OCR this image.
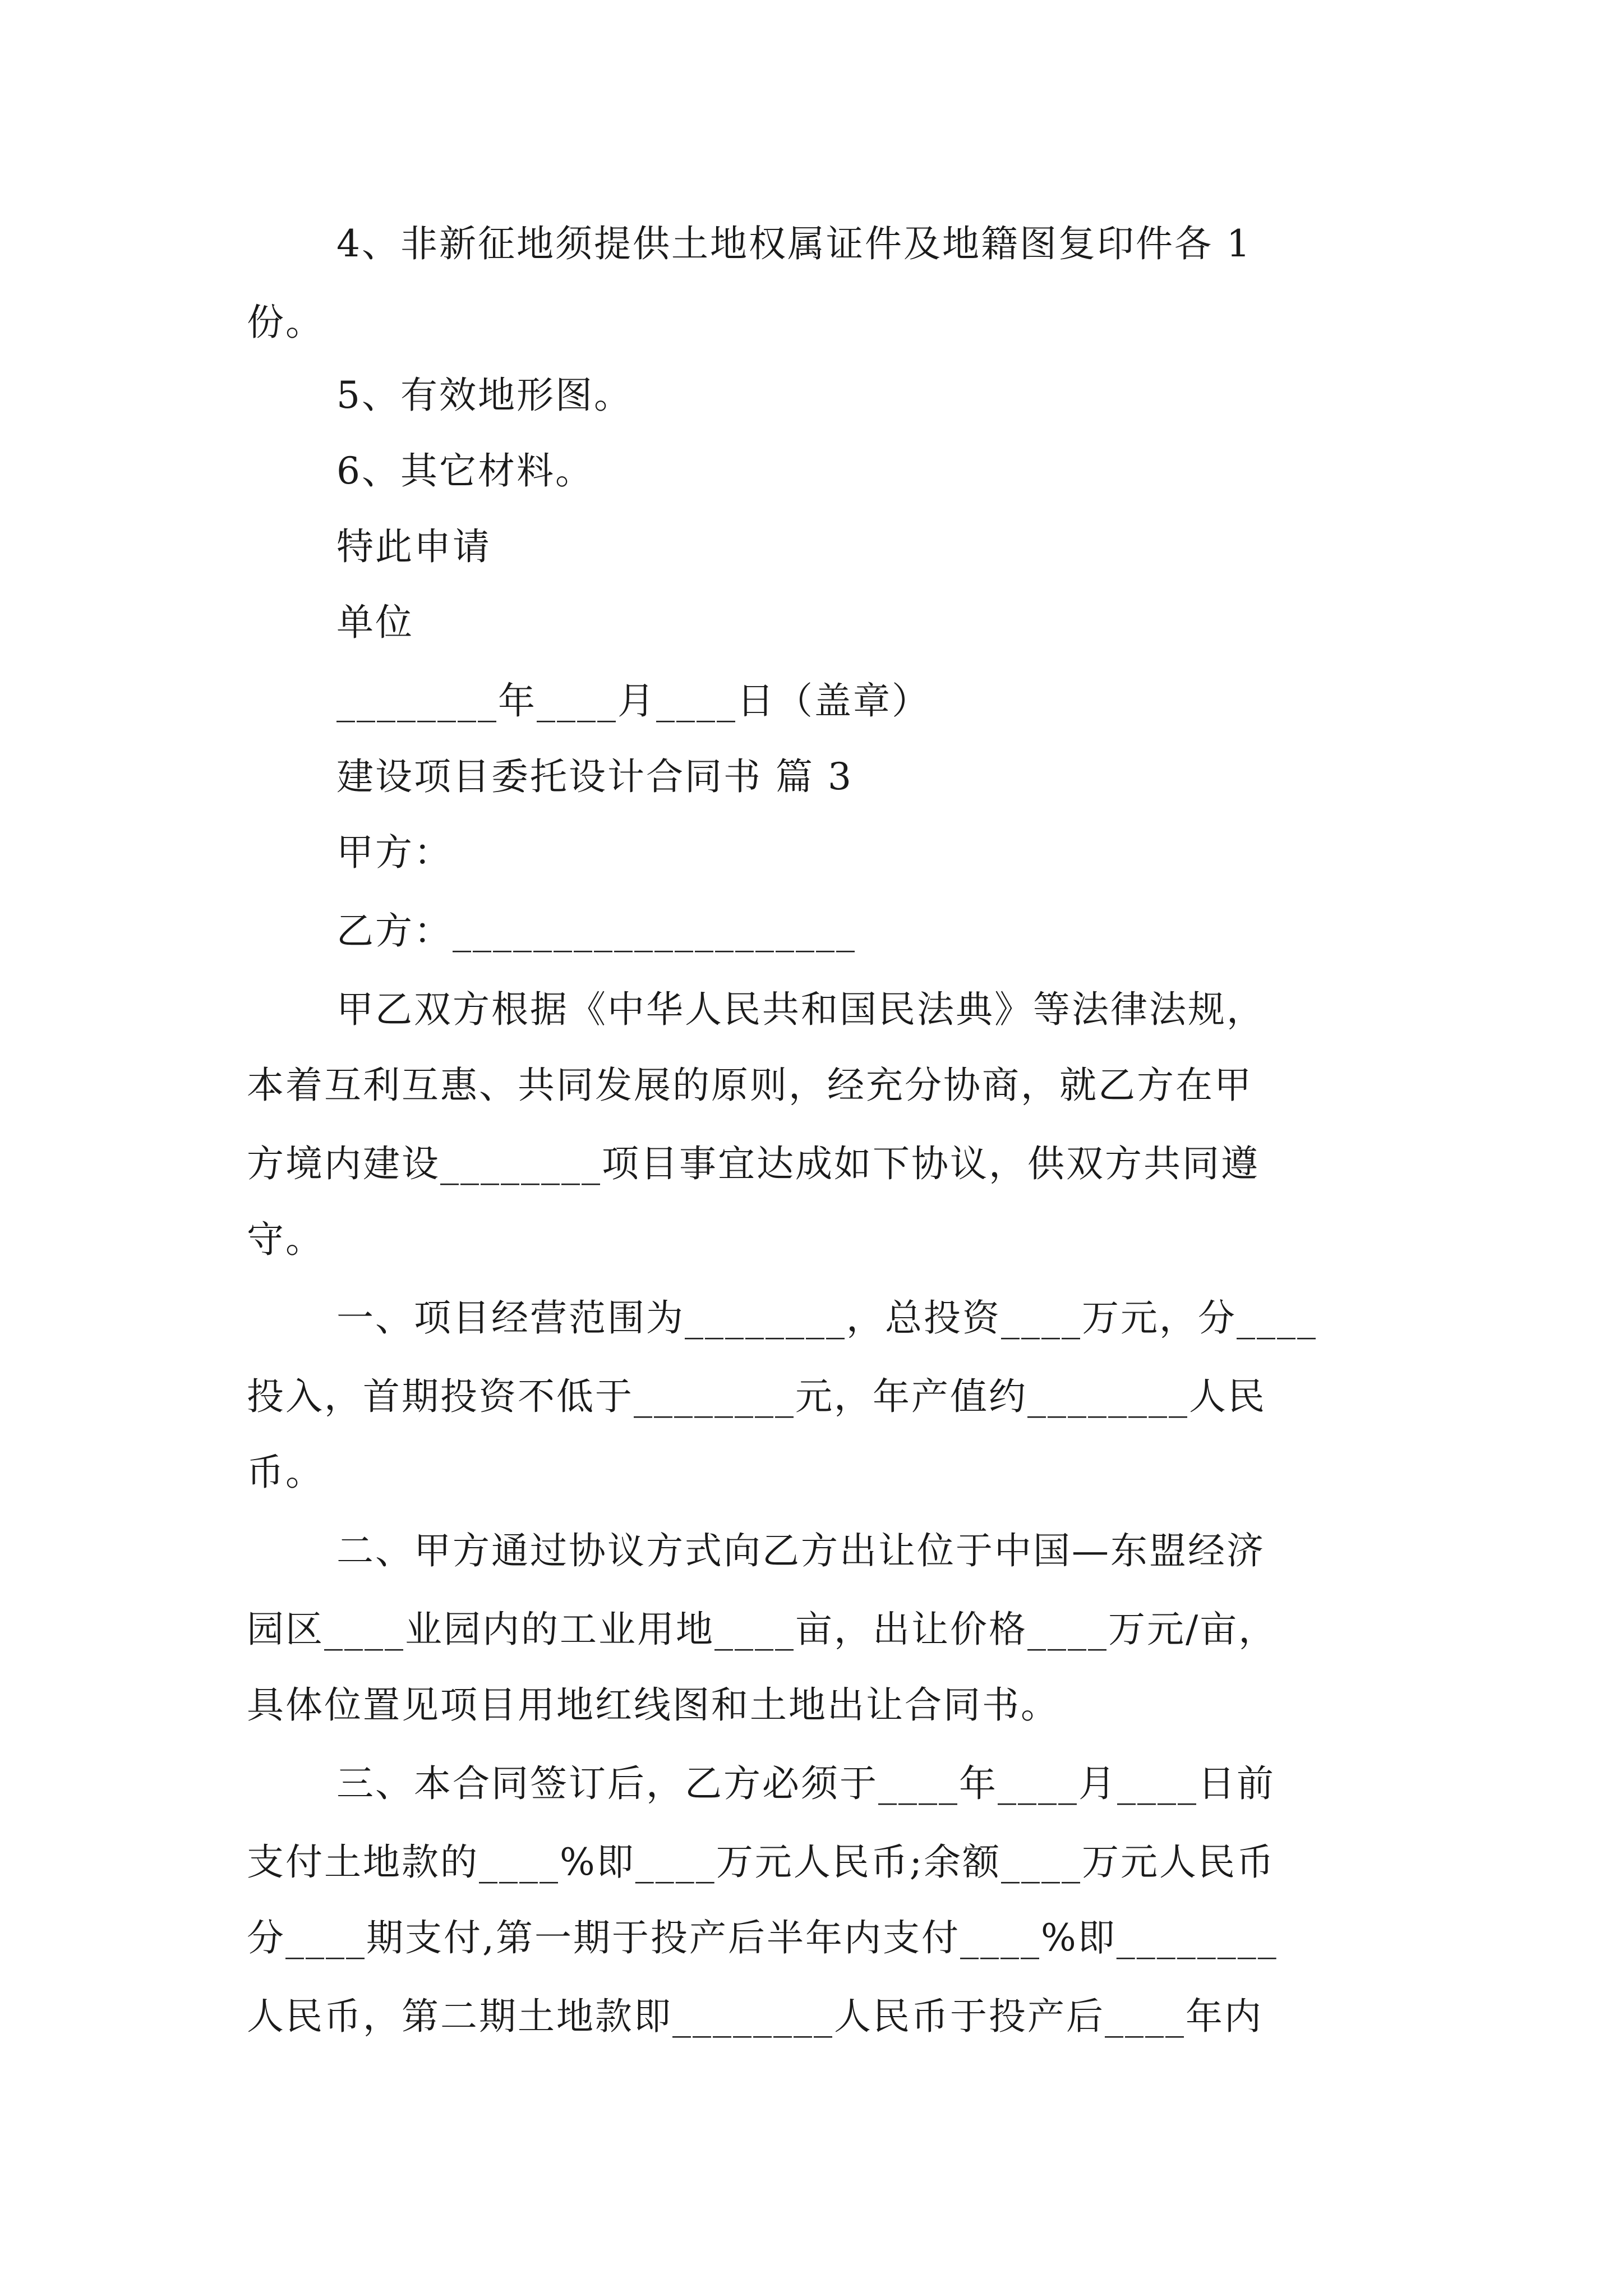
4、非新征地须提供土地权属证件及地籍图复印件各 1
份。
5、有效地形图。
6、其它材料。
特此申请
单位
________年____月____日（盖章）
建设项目委托设计合同书 篇 3
甲方：
乙方：____________________
甲乙双方根据《中华人民共和国民法典》等法律法规，
本着互利互惠、共同发展的原则，经充分协商，就乙方在甲
方境内建设________项目事宜达成如下协议，供双方共同遵
守。
一、项目经营范围为________，总投资____万元，分____
投入，首期投资不低于________元，年产值约________人民
币。
二、甲方通过协议方式向乙方出让位于中国—东盟经济
园区____业园内的工业用地____亩，出让价格____万元/亩，
具体位置见项目用地红线图和土地出让合同书。
三、本合同签订后，乙方必须于____年____月____日前
支付土地款的____%即____万元人民币;余额____万元人民币
分____期支付,第一期于投产后半年内支付____%即________
人民币，第二期土地款即________人民币于投产后____年内
